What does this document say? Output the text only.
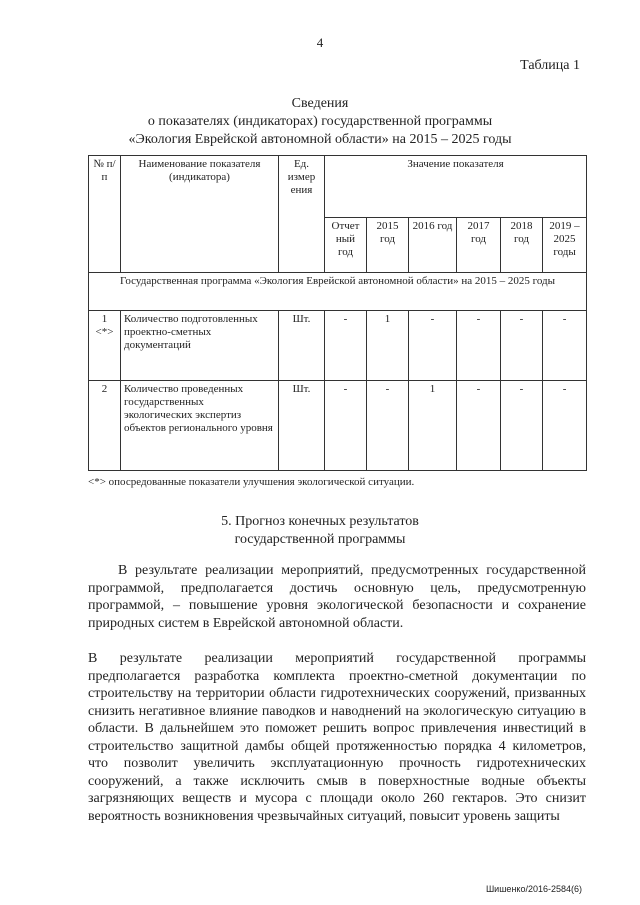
4
Таблица 1
Сведения
о показателях (индикаторах) государственной программы
«Экология Еврейской автономной области» на 2015 – 2025 годы
№ п/п	Наименование показателя (индикатора)	Ед. измер ения	Значение показателя					
			Отчет ный год	2015 год	2016 год	2017 год	2018 год	2019 – 2025 годы
Государственная программа «Экология Еврейской автономной области» на 2015 – 2025 годы								
1 <*>	Количество подготовленных проектно-сметных документаций	Шт.	-	1	-	-	-	-
2	Количество проведенных государственных экологических экспертиз объектов регионального уровня	Шт.	-	-	1	-	-	-
<*> опосредованные показатели улучшения экологической ситуации.
5. Прогноз конечных результатов
государственной программы

В результате реализации мероприятий, предусмотренных государственной программой, предполагается достичь основную цель, предусмотренную программой, – повышение уровня экологической безопасности и сохранение природных систем в Еврейской автономной области.

В результате реализации мероприятий государственной программы предполагается разработка комплекта проектно-сметной документации по строительству на территории области гидротехнических сооружений, призванных снизить негативное влияние паводков и наводнений на экологическую ситуацию в области. В дальнейшем это поможет решить вопрос привлечения инвестиций в строительство защитной дамбы общей протяженностью порядка 4 километров, что позволит увеличить эксплуатационную прочность гидротехнических сооружений, а также исключить смыв в поверхностные водные объекты загрязняющих веществ и мусора с площади около 260 гектаров. Это снизит вероятность возникновения чрезвычайных ситуаций, повысит уровень защиты

Шишенко/2016-2584(6)
